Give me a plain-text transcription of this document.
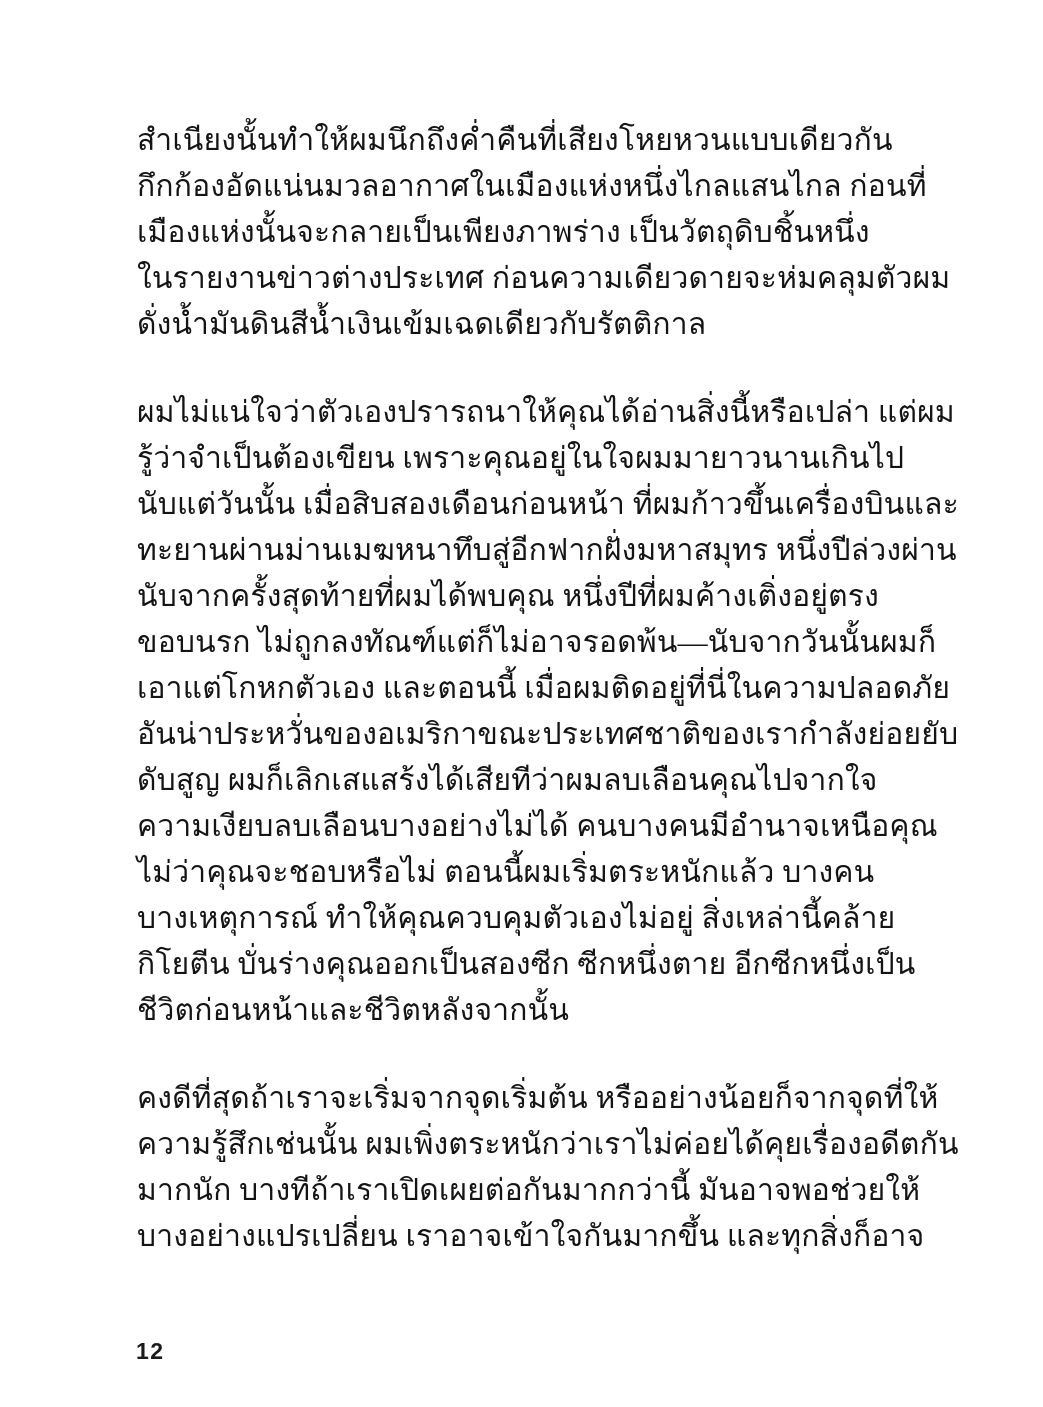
สำเนียงนั้นทำให้ผมนึกถึงค่ำคืนที่เสียงโหยหวนแบบเดียวกัน
กึกก้องอัดแน่นมวลอากาศในเมืองแห่งหนึ่งไกลแสนไกล ก่อนที่
เมืองแห่งนั้นจะกลายเป็นเพียงภาพร่าง เป็นวัตถุดิบชิ้นหนึ่ง
ในรายงานข่าวต่างประเทศ ก่อนความเดียวดายจะห่มคลุมตัวผม
ดั่งน้ำมันดินสีน้ำเงินเข้มเฉดเดียวกับรัตติกาล
ผมไม่แน่ใจว่าตัวเองปรารถนาให้คุณได้อ่านสิ่งนี้หรือเปล่า แต่ผม
รู้ว่าจำเป็นต้องเขียน เพราะคุณอยู่ในใจผมมายาวนานเกินไป
นับแต่วันนั้น เมื่อสิบสองเดือนก่อนหน้า ที่ผมก้าวขึ้นเครื่องบินและ
ทะยานผ่านม่านเมฆหนาทึบสู่อีกฟากฝั่งมหาสมุทร หนึ่งปีล่วงผ่าน
นับจากครั้งสุดท้ายที่ผมได้พบคุณ หนึ่งปีที่ผมค้างเติ่งอยู่ตรง
ขอบนรก ไม่ถูกลงทัณฑ์แต่ก็ไม่อาจรอดพ้น—นับจากวันนั้นผมก็
เอาแต่โกหกตัวเอง และตอนนี้ เมื่อผมติดอยู่ที่นี่ในความปลอดภัย
อันน่าประหวั่นของอเมริกาขณะประเทศชาติของเรากำลังย่อยยับ
ดับสูญ ผมก็เลิกเสแสร้งได้เสียทีว่าผมลบเลือนคุณไปจากใจ
ความเงียบลบเลือนบางอย่างไม่ได้ คนบางคนมีอำนาจเหนือคุณ
ไม่ว่าคุณจะชอบหรือไม่ ตอนนี้ผมเริ่มตระหนักแล้ว บางคน
บางเหตุการณ์ ทำให้คุณควบคุมตัวเองไม่อยู่ สิ่งเหล่านี้คล้าย
กิโยตีน บั่นร่างคุณออกเป็นสองซีก ซีกหนึ่งตาย อีกซีกหนึ่งเป็น
ชีวิตก่อนหน้าและชีวิตหลังจากนั้น
คงดีที่สุดถ้าเราจะเริ่มจากจุดเริ่มต้น หรืออย่างน้อยก็จากจุดที่ให้
ความรู้สึกเช่นนั้น ผมเพิ่งตระหนักว่าเราไม่ค่อยได้คุยเรื่องอดีตกัน
มากนัก บางทีถ้าเราเปิดเผยต่อกันมากกว่านี้ มันอาจพอช่วยให้
บางอย่างแปรเปลี่ยน เราอาจเข้าใจกันมากขึ้น และทุกสิ่งก็อาจ
12
